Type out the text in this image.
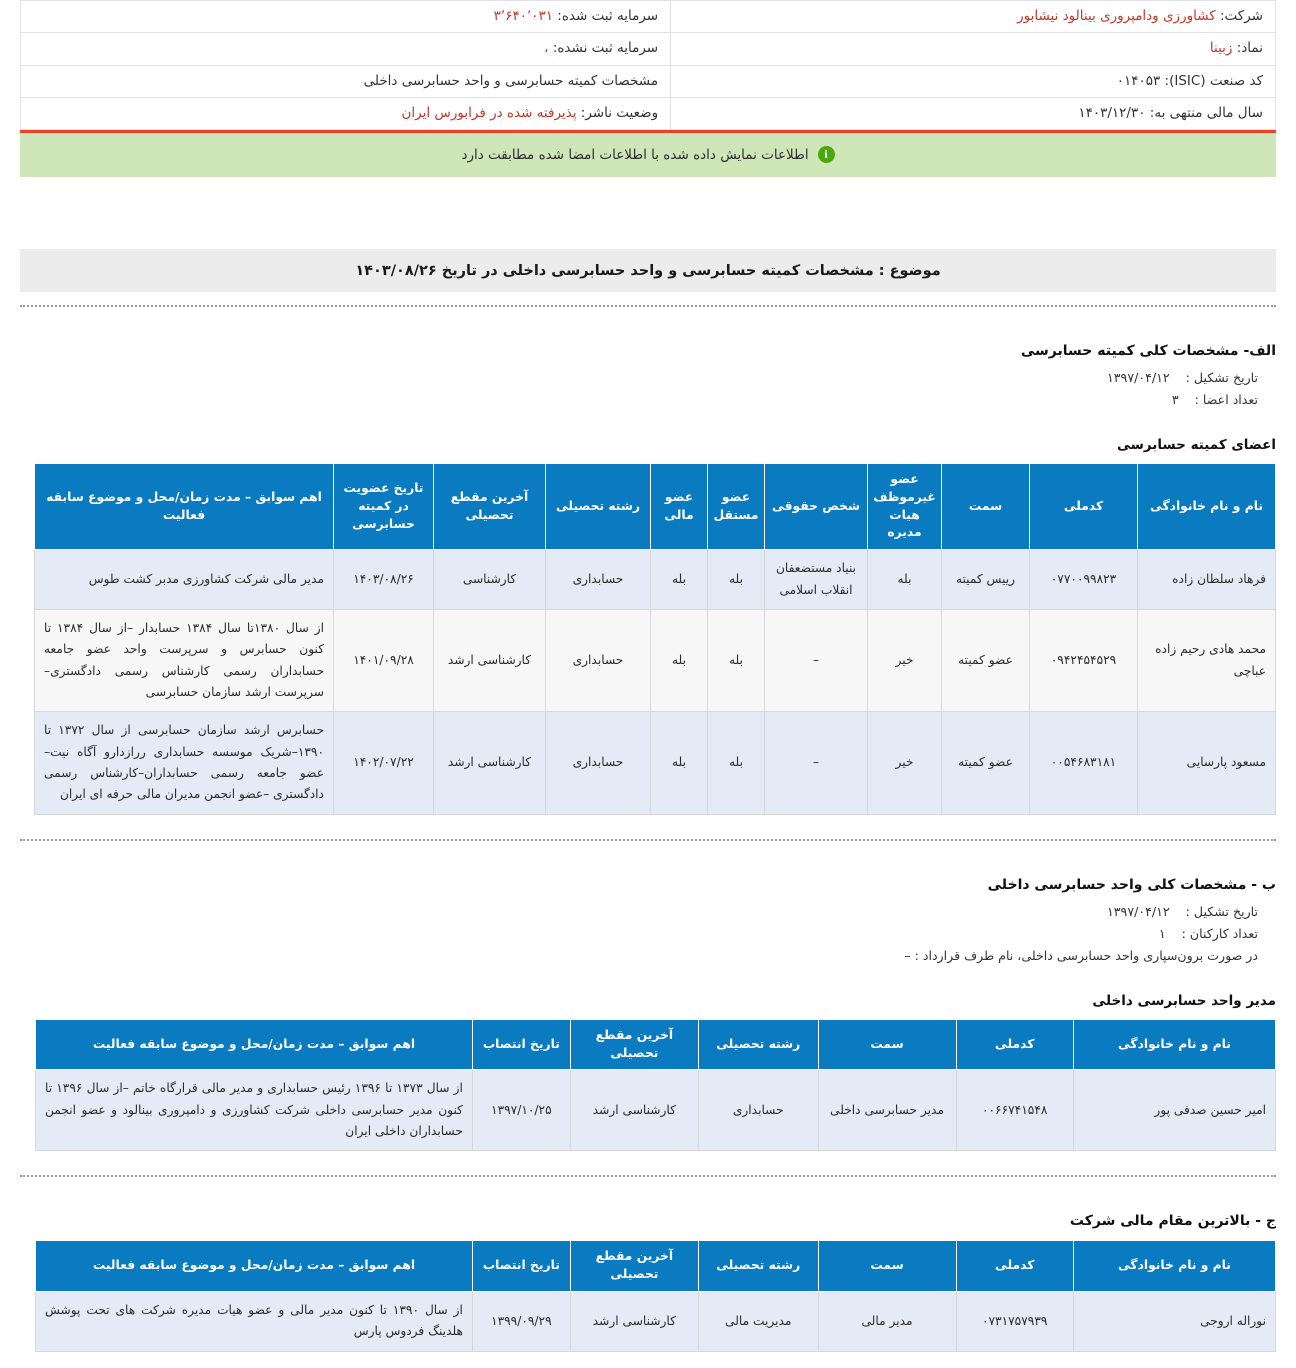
شرکت: کشاورزی ودامپروری بینالود نیشابور	سرمایه ثبت شده: ۳٬۶۴۰٬۰۳۱
نماد: زبینا	سرمایه ثبت نشده: ،
کد صنعت (ISIC): ۰۱۴۰۵۳	مشخصات کمیته حسابرسی و واحد حسابرسی داخلی
سال مالی منتهی به: ۱۴۰۳/۱۲/۳۰	وضعیت ناشر: پذیرفته شده در فرابورس ایران
i
اطلاعات نمایش داده شده با اطلاعات امضا شده مطابقت دارد
موضوع : مشخصات کمیته حسابرسی و واحد حسابرسی داخلی در تاریخ ۱۴۰۳/۰۸/۲۶
الف- مشخصات کلی کمیته حسابرسی
تاریخ تشکیل : ۱۳۹۷/۰۴/۱۲
تعداد اعضا : ۳
اعضای کمیته حسابرسی
نام و نام خانوادگی	کدملی	سمت	عضو غیرموظف هیات مدیره	شخص حقوقی	عضو مستقل	عضو مالی	رشته تحصیلی	آخرین مقطع تحصیلی	تاریخ عضویت در کمیته حسابرسی	اهم سوابق – مدت زمان/محل و موضوع سابقه فعالیت
فرهاد سلطان زاده	۰۷۷۰۰۹۹۸۲۳	رییس کمیته	بله	بنیاد مستضعفان انقلاب اسلامی	بله	بله	حسابداری	کارشناسی	۱۴۰۳/۰۸/۲۶	مدیر مالی شرکت کشاورزی مدبر کشت طوس
محمد هادی رحیم زاده عباچی	۰۹۴۲۴۵۴۵۲۹	عضو کمیته	خیر	–	بله	بله	حسابداری	کارشناسی ارشد	۱۴۰۱/۰۹/۲۸	از سال ۱۳۸۰تا سال ۱۳۸۴ حسابدار –از سال ۱۳۸۴ تا کنون حسابرس و سرپرست واحد عضو جامعه حسابداران رسمی کارشناس رسمی دادگستری–سرپرست ارشد سازمان حسابرسی
مسعود پارسایی	۰۰۵۴۶۸۳۱۸۱	عضو کمیته	خیر	–	بله	بله	حسابداری	کارشناسی ارشد	۱۴۰۲/۰۷/۲۲	حسابرس ارشد سازمان حسابرسی از سال ۱۳۷۲ تا ۱۳۹۰–شریک موسسه حسابداری ررازدارو آگاه نیت– عضو جامعه رسمی حسابداران–کارشناس رسمی دادگستری –عضو انجمن مدیران مالی حرفه ای ایران
ب - مشخصات کلی واحد حسابرسی داخلی
تاریخ تشکیل : ۱۳۹۷/۰۴/۱۲
تعداد کارکنان : ۱
در صورت برون‌سپاری واحد حسابرسی داخلی، نام طرف قرارداد : –
مدیر واحد حسابرسی داخلی
نام و نام خانوادگی	کدملی	سمت	رشته تحصیلی	آخرین مقطع تحصیلی	تاریخ انتصاب	اهم سوابق – مدت زمان/محل و موضوع سابقه فعالیت
امیر حسین صدفی پور	۰۰۶۶۷۴۱۵۴۸	مدیر حسابرسی داخلی	حسابداری	کارشناسی ارشد	۱۳۹۷/۱۰/۲۵	از سال ۱۳۷۳ تا ۱۳۹۶ رئیس حسابداری و مدیر مالی قرارگاه خاتم –از سال ۱۳۹۶ تا کنون مدیر حسابرسی داخلی شرکت کشاورزی و دامپروری بینالود و عضو انجمن حسابداران داخلی ایران
ج - بالاترین مقام مالی شرکت
نام و نام خانوادگی	کدملی	سمت	رشته تحصیلی	آخرین مقطع تحصیلی	تاریخ انتصاب	اهم سوابق – مدت زمان/محل و موضوع سابقه فعالیت
نوراله اروجی	۰۷۳۱۷۵۷۹۳۹	مدیر مالی	مدیریت مالی	کارشناسی ارشد	۱۳۹۹/۰۹/۲۹	از سال ۱۳۹۰ تا کنون مدیر مالی و عضو هیات مدیره شرکت های تحت پوشش هلدینگ فردوس پارس
